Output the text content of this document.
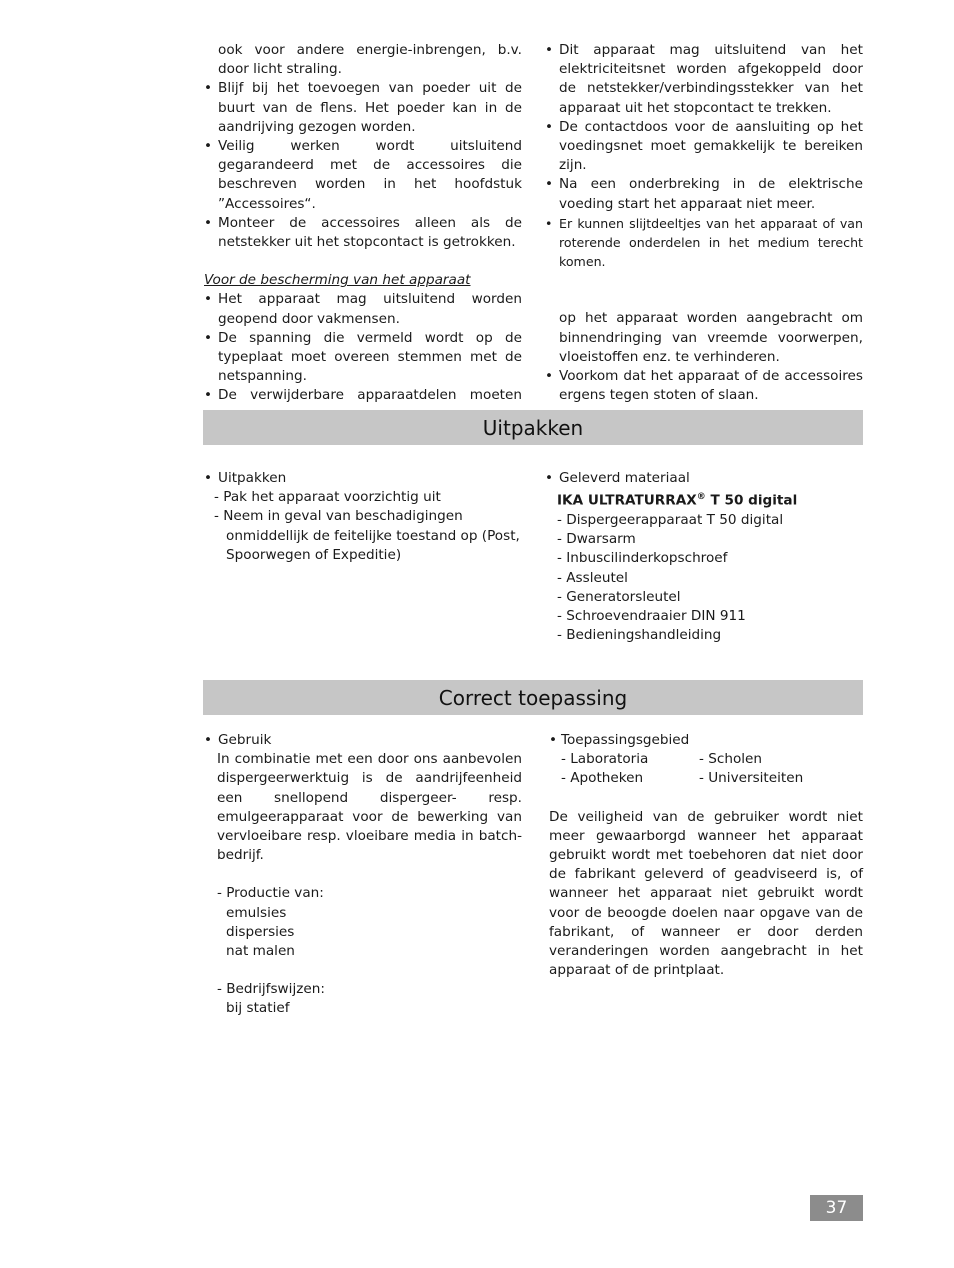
ook voor andere energie-inbrengen, b.v. door licht straling.

• Blijf bij het toevoegen van poeder uit de buurt van de flens. Het poeder kan in de aandrijving gezogen worden.
• Veilig werken wordt uitsluitend gegarandeerd met de accessoires die beschreven worden in het hoofdstuk ”Accessoires“.
• Monteer de accessoires alleen als de netstekker uit het stopcontact is getrokken.

Voor de bescherming van het apparaat

• Het apparaat mag uitsluitend worden geopend door vakmensen.
• De spanning die vermeld wordt op de typeplaat moet overeen stemmen met de netspanning.
• De verwijderbare apparaatdelen moeten
• Dit apparaat mag uitsluitend van het elektriciteitsnet worden afgekoppeld door de netstekker/verbindingsstekker van het apparaat uit het stopcontact te trekken.
• De contactdoos voor de aansluiting op het voedingsnet moet gemakkelijk te bereiken zijn.
• Na een onderbreking in de elektrische voeding start het apparaat niet meer.
• Er kunnen slijtdeeltjes van het apparaat of van roterende onderdelen in het medium terecht komen.

op het apparaat worden aangebracht om binnendringing van vreemde voorwerpen, vloeistoffen enz. te verhinderen.

• Voorkom dat het apparaat of de accessoires ergens tegen stoten of slaan.
Uitpakken
• Uitpakken

- Pak het apparaat voorzichtig uit

- Neem in geval van beschadigingen onmiddellijk de feitelijke toestand op (Post, Spoorwegen of Expeditie)

• Geleverd materiaal

IKA ULTRATURRAX® T 50 digital

- Dispergeerapparaat T 50 digital

- Dwarsarm

- Inbuscilinderkopschroef

- Assleutel

- Generatorsleutel

- Schroevendraaier DIN 911

- Bedieningshandleiding

Correct toepassing
• Gebruik

In combinatie met een door ons aanbevolen dispergeerwerktuig is de aandrijfeenheid een snellopend dispergeer- resp. emulgeerapparaat voor de bewerking van vervloeibare resp. vloeibare media in batch-bedrijf.

- Productie van:

emulsies

dispersies

nat malen

- Bedrijfswijzen:

bij statief

• Toepassingsgebied
- Laboratoria	- Scholen
- Apotheken	- Universiteiten

De veiligheid van de gebruiker wordt niet meer gewaarborgd wanneer het apparaat gebruikt wordt met toebehoren dat niet door de fabrikant geleverd of geadviseerd is, of wanneer het apparaat niet gebruikt wordt voor de beoogde doelen naar opgave van de fabrikant, of wanneer er door derden veranderingen worden aangebracht in het apparaat of de printplaat.

37
